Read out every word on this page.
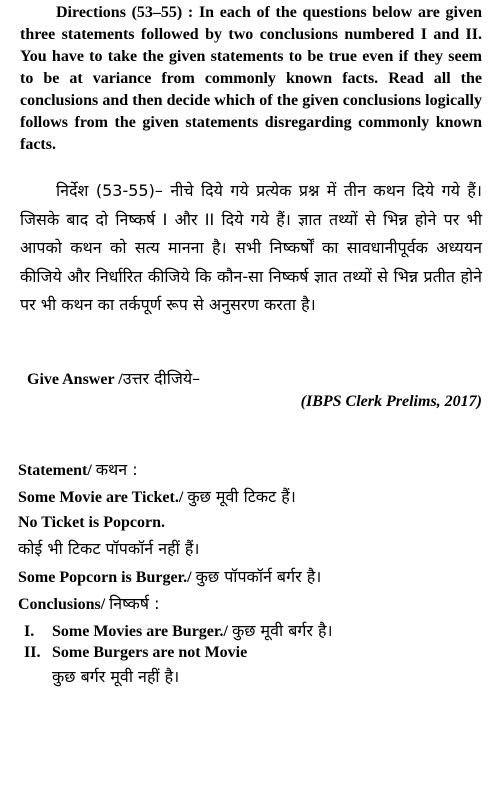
Directions (53–55) : In each of the questions below are given three statements followed by two conclusions numbered I and II. You have to take the given statements to be true even if they seem to be at variance from commonly known facts. Read all the conclusions and then decide which of the given conclusions logically follows from the given statements disregarding commonly known facts.

निर्देश (53-55)– नीचे दिये गये प्रत्येक प्रश्न में तीन कथन दिये गये हैं। जिसके बाद दो निष्कर्ष I और II दिये गये हैं। ज्ञात तथ्यों से भिन्न होने पर भी आपको कथन को सत्य मानना है। सभी निष्कर्षों का सावधानीपूर्वक अध्ययन कीजिये और निर्धारित कीजिये कि कौन-सा निष्कर्ष ज्ञात तथ्यों से भिन्न प्रतीत होने पर भी कथन का तर्कपूर्ण रूप से अनुसरण करता है।

Give Answer /उत्तर दीजिये–

(IBPS Clerk Prelims, 2017)

Statement/ कथन :

Some Movie are Ticket./ कुछ मूवी टिकट हैं।

No Ticket is Popcorn.

कोई भी टिकट पॉपकॉर्न नहीं हैं।

Some Popcorn is Burger./ कुछ पॉपकॉर्न बर्गर है।

Conclusions/ निष्कर्ष :

I. Some Movies are Burger./ कुछ मूवी बर्गर है।

II. Some Burgers are not Movie

कुछ बर्गर मूवी नहीं है।
